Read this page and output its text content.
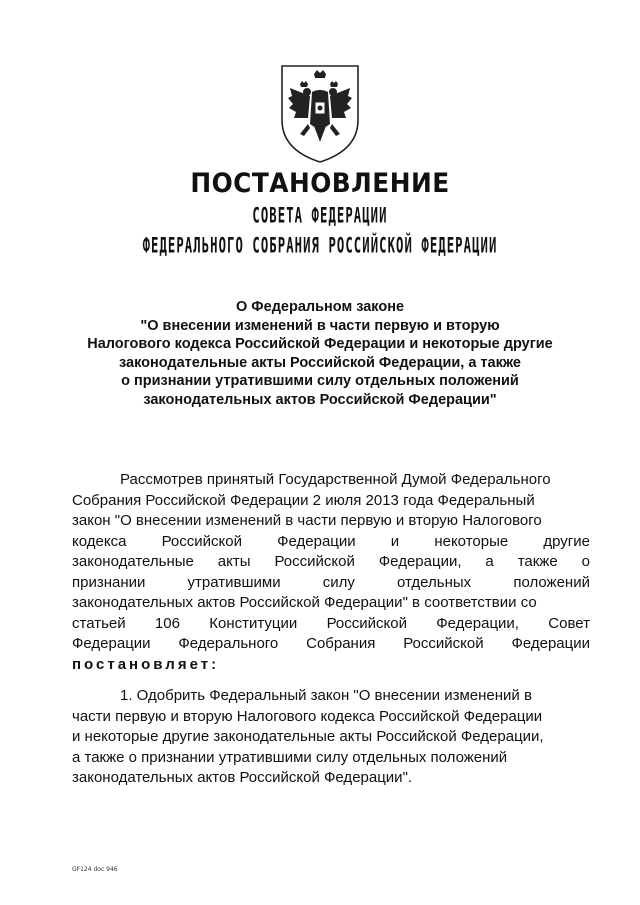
ПОСТАНОВЛЕНИЕ
СОВЕТА ФЕДЕРАЦИИ
ФЕДЕРАЛЬНОГО СОБРАНИЯ РОССИЙСКОЙ ФЕДЕРАЦИИ
О Федеральном законе
"О внесении изменений в части первую и вторую
Налогового кодекса Российской Федерации и некоторые другие
законодательные акты Российской Федерации, а также
о признании утратившими силу отдельных положений
законодательных актов Российской Федерации"
Рассмотрев принятый Государственной Думой Федерального
Собрания Российской Федерации 2 июля 2013 года Федеральный
закон "О внесении изменений в части первую и вторую Налогового
кодекса Российской Федерации и некоторые другие
законодательные акты Российской Федерации, а также о
признании	утратившими	силу	отдельных	положений
законодательных актов Российской Федерации" в соответствии со
статьей 106 Конституции Российской Федерации, Совет
Федерации Федерального Собрания Российской Федерации
постановляет:
1. Одобрить Федеральный закон "О внесении изменений в
части первую и вторую Налогового кодекса Российской Федерации
и некоторые другие законодательные акты Российской Федерации,
а также о признании утратившими силу отдельных положений
законодательных актов Российской Федерации".
GF124 doc 946
